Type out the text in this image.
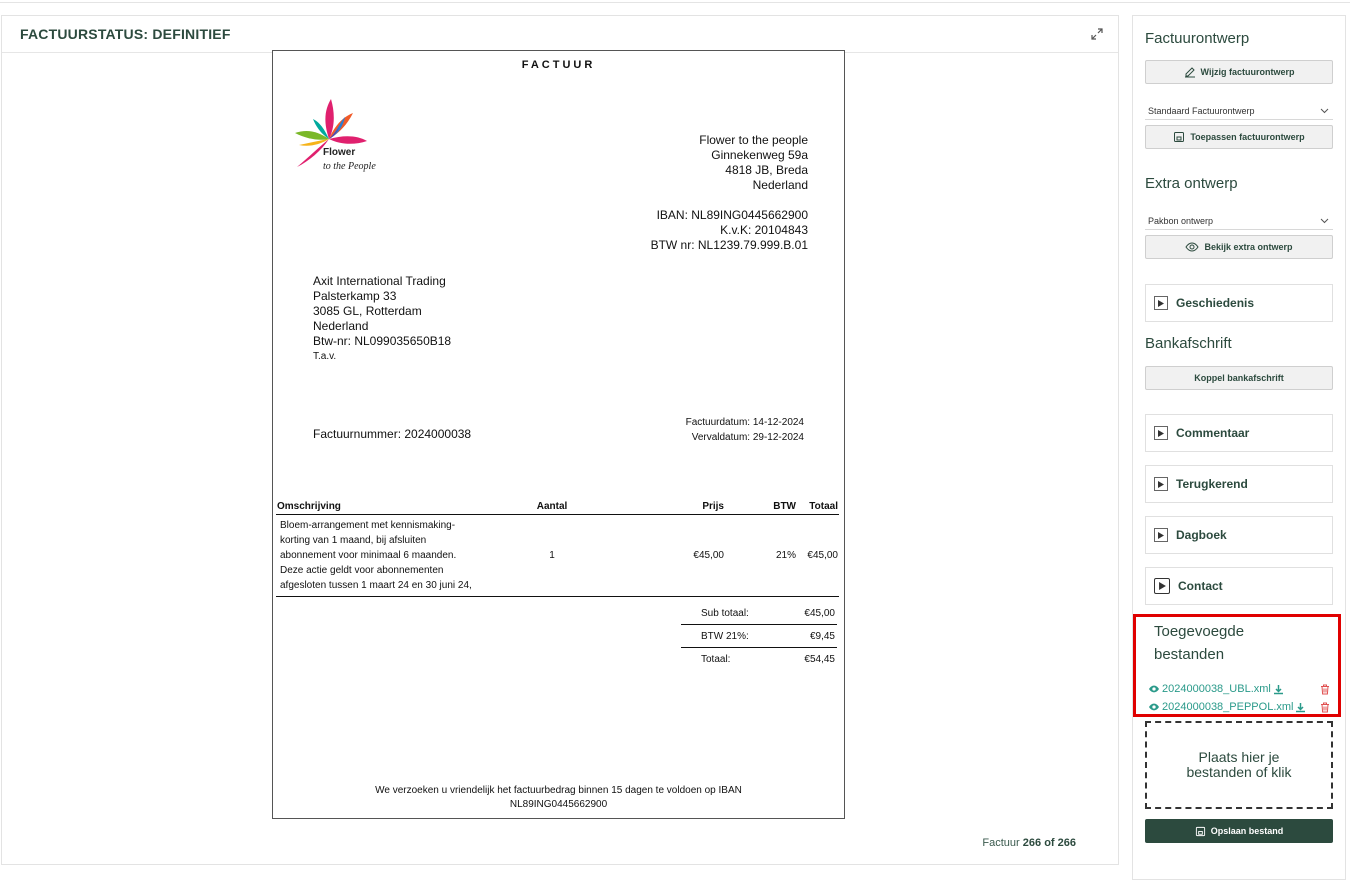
FACTUURSTATUS: DEFINITIEF
FACTUUR
Flower
to the People
Flower to the people
Ginnekenweg 59a
4818 JB, Breda
Nederland
IBAN: NL89ING0445662900
K.v.K: 20104843
BTW nr: NL1239.79.999.B.01
Axit International Trading
Palsterkamp 33
3085 GL, Rotterdam
Nederland
Btw-nr: NL099035650B18
T.a.v.
Factuurnummer: 2024000038
Factuurdatum: 14-12-2024
Vervaldatum: 29-12-2024
Omschrijving	Aantal	Prijs	BTW	Totaal

Bloem-arrangement met kennismaking-
korting van 1 maand, bij afsluiten
abonnement voor minimaal 6 maanden.
Deze actie geldt voor abonnementen
afgesloten tussen 1 maart 24 en 30 juni 24,	1	€45,00	21%	€45,00
Sub totaal:	€45,00
BTW 21%:	€9,45
Totaal:	€54,45
We verzoeken u vriendelijk het factuurbedrag binnen 15 dagen te voldoen op IBAN
NL89ING0445662900
Factuur 266 of 266
Factuurontwerp
Wijzig factuurontwerp
Standaard Factuurontwerp
Toepassen factuurontwerp
Extra ontwerp
Pakbon ontwerp
Bekijk extra ontwerp
Geschiedenis
Bankafschrift
Koppel bankafschrift
Commentaar
Terugkerend
Dagboek
Contact
Toegevoegde
bestanden
2024000038_UBL.xml
2024000038_PEPPOL.xml
Plaats hier je bestanden of klik
Opslaan bestand
